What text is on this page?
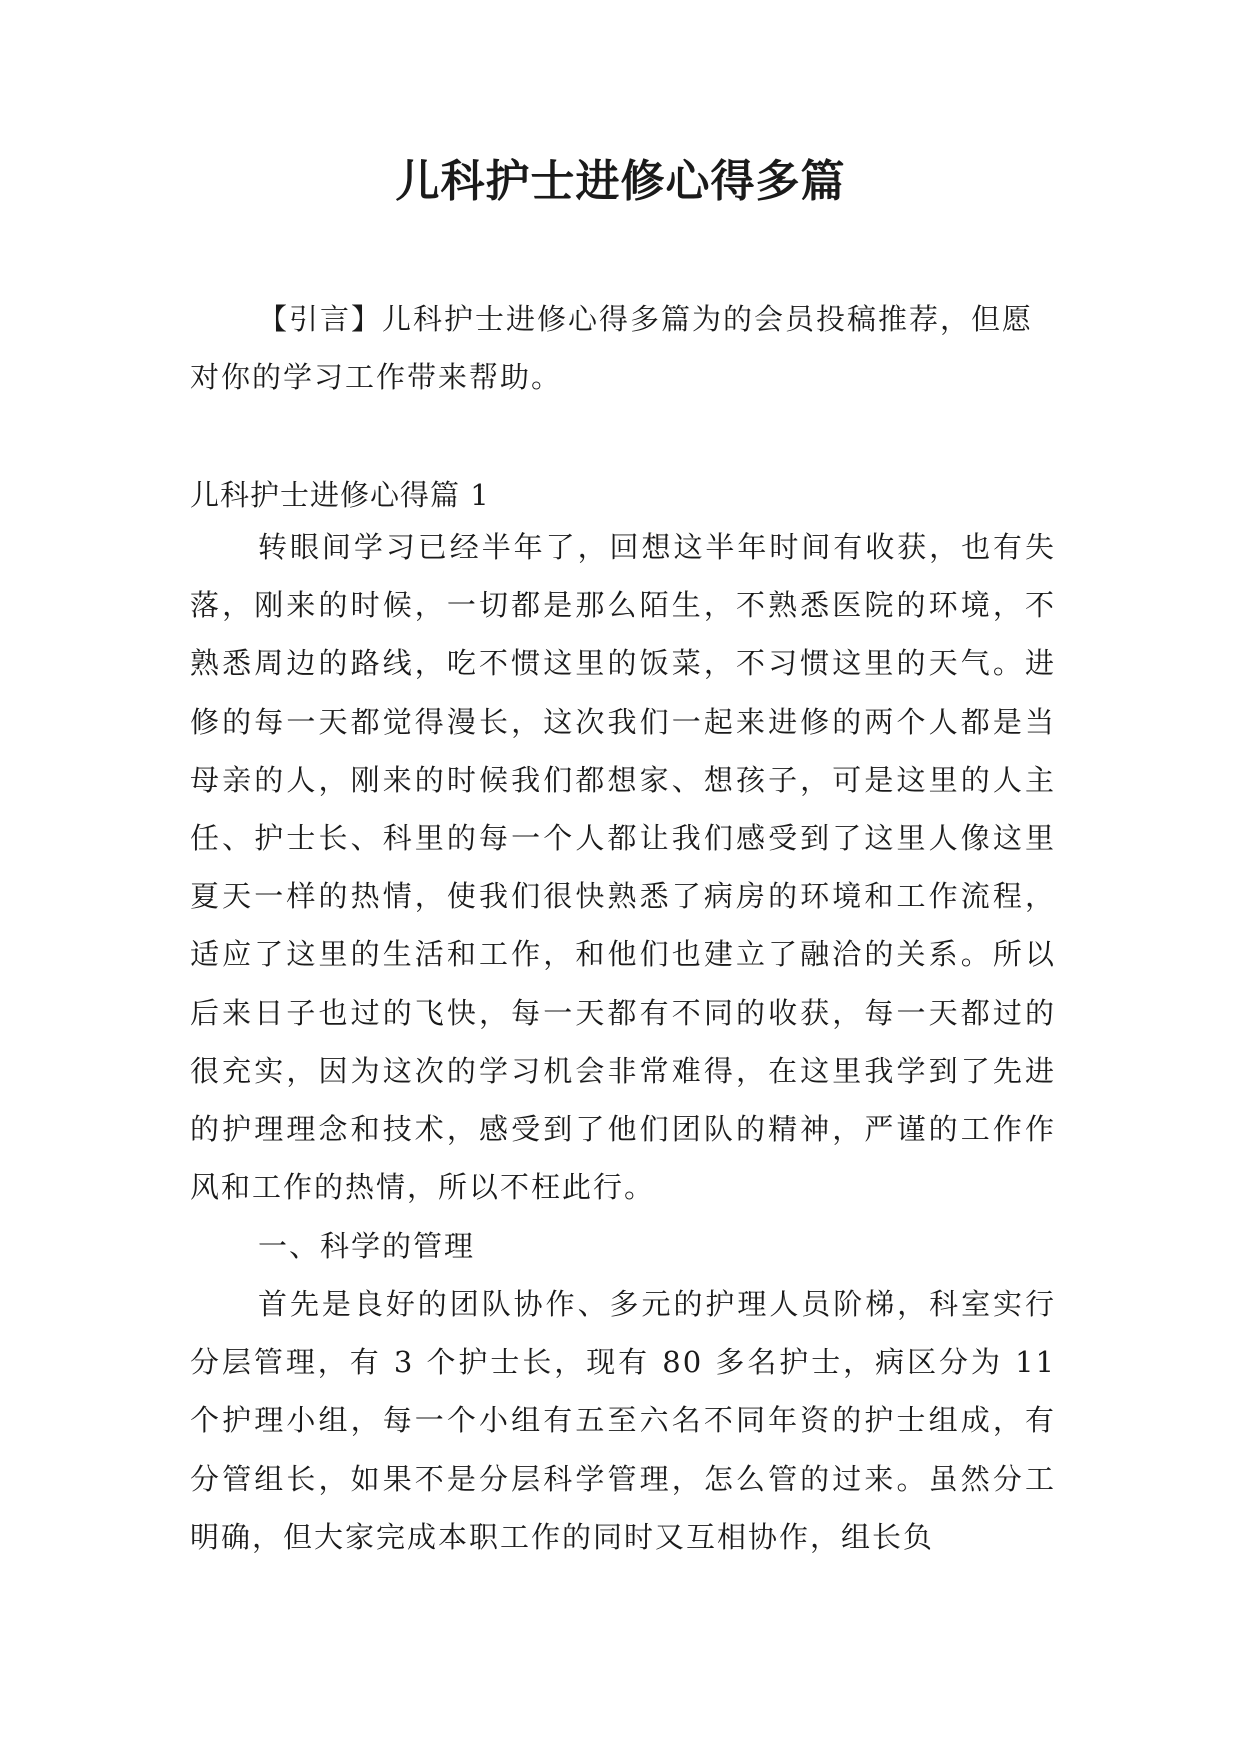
儿科护士进修心得多篇

【引言】儿科护士进修心得多篇为的会员投稿推荐，但愿对你的学习工作带来帮助。

儿科护士进修心得篇 1

转眼间学习已经半年了，回想这半年时间有收获，也有失落，刚来的时候，一切都是那么陌生，不熟悉医院的环境，不熟悉周边的路线，吃不惯这里的饭菜，不习惯这里的天气。进修的每一天都觉得漫长，这次我们一起来进修的两个人都是当母亲的人，刚来的时候我们都想家、想孩子，可是这里的人主任、护士长、科里的每一个人都让我们感受到了这里人像这里夏天一样的热情，使我们很快熟悉了病房的环境和工作流程，适应了这里的生活和工作，和他们也建立了融洽的关系。所以后来日子也过的飞快，每一天都有不同的收获，每一天都过的很充实，因为这次的学习机会非常难得，在这里我学到了先进的护理理念和技术，感受到了他们团队的精神，严谨的工作作风和工作的热情，所以不枉此行。

一、科学的管理

首先是良好的团队协作、多元的护理人员阶梯，科室实行分层管理，有 3 个护士长，现有 80 多名护士，病区分为 11 个护理小组，每一个小组有五至六名不同年资的护士组成，有分管组长，如果不是分层科学管理，怎么管的过来。虽然分工明确，但大家完成本职工作的同时又互相协作，组长负
